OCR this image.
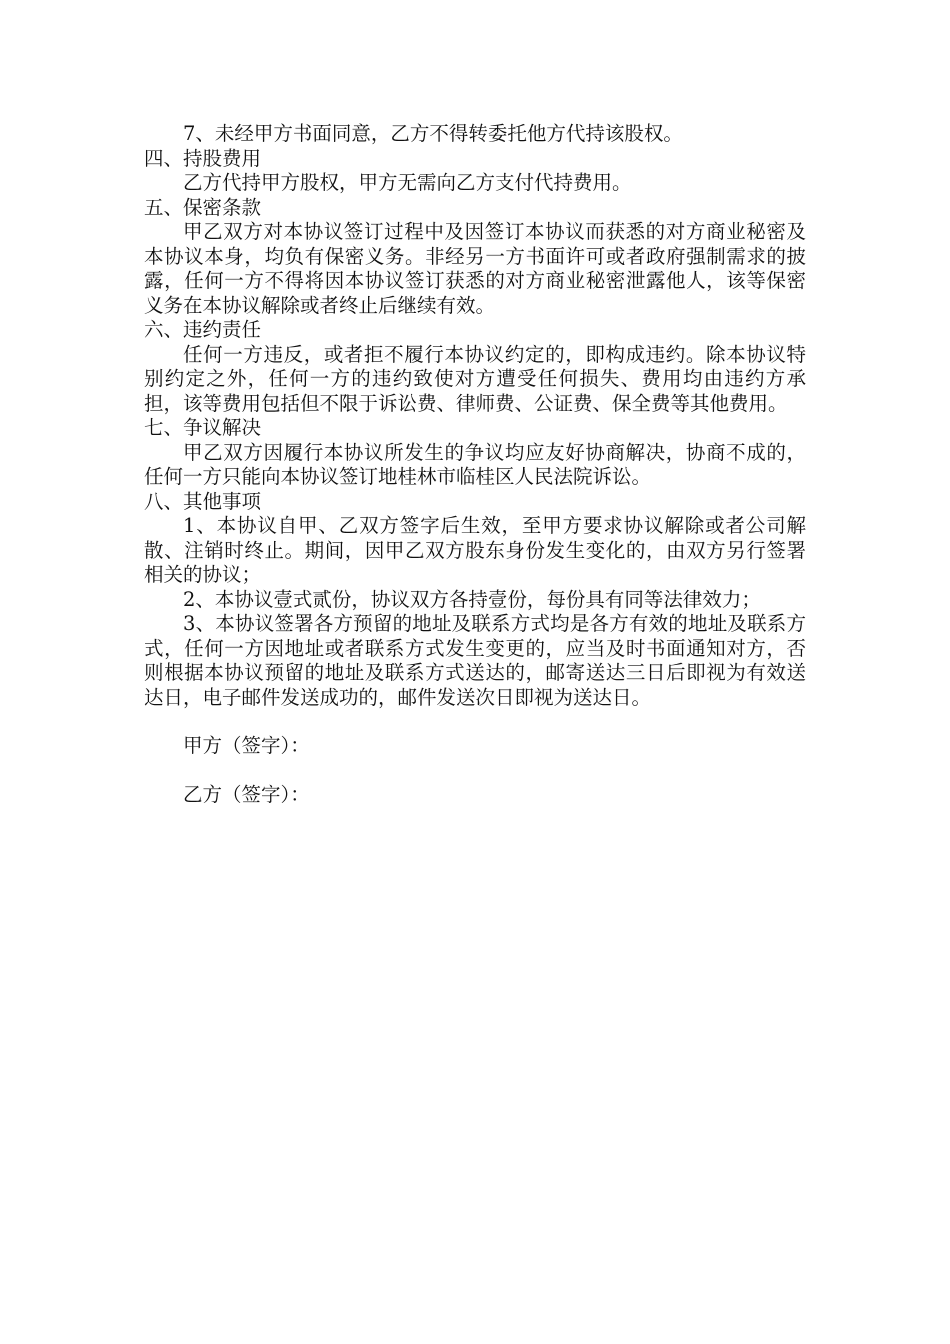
7、未经甲方书面同意，乙方不得转委托他方代持该股权。

四、持股费用

乙方代持甲方股权，甲方无需向乙方支付代持费用。

五、保密条款

甲乙双方对本协议签订过程中及因签订本协议而获悉的对方商业秘密及本协议本身，均负有保密义务。非经另一方书面许可或者政府强制需求的披露，任何一方不得将因本协议签订获悉的对方商业秘密泄露他人，该等保密义务在本协议解除或者终止后继续有效。

六、违约责任

任何一方违反，或者拒不履行本协议约定的，即构成违约。除本协议特别约定之外，任何一方的违约致使对方遭受任何损失、费用均由违约方承担，该等费用包括但不限于诉讼费、律师费、公证费、保全费等其他费用。

七、争议解决

甲乙双方因履行本协议所发生的争议均应友好协商解决，协商不成的，任何一方只能向本协议签订地桂林市临桂区人民法院诉讼。

八、其他事项

1、本协议自甲、乙双方签字后生效，至甲方要求协议解除或者公司解散、注销时终止。期间，因甲乙双方股东身份发生变化的，由双方另行签署相关的协议；

2、本协议壹式贰份，协议双方各持壹份，每份具有同等法律效力；

3、本协议签署各方预留的地址及联系方式均是各方有效的地址及联系方式，任何一方因地址或者联系方式发生变更的，应当及时书面通知对方，否则根据本协议预留的地址及联系方式送达的，邮寄送达三日后即视为有效送达日，电子邮件发送成功的，邮件发送次日即视为送达日。

甲方（签字）：

乙方（签字）：
